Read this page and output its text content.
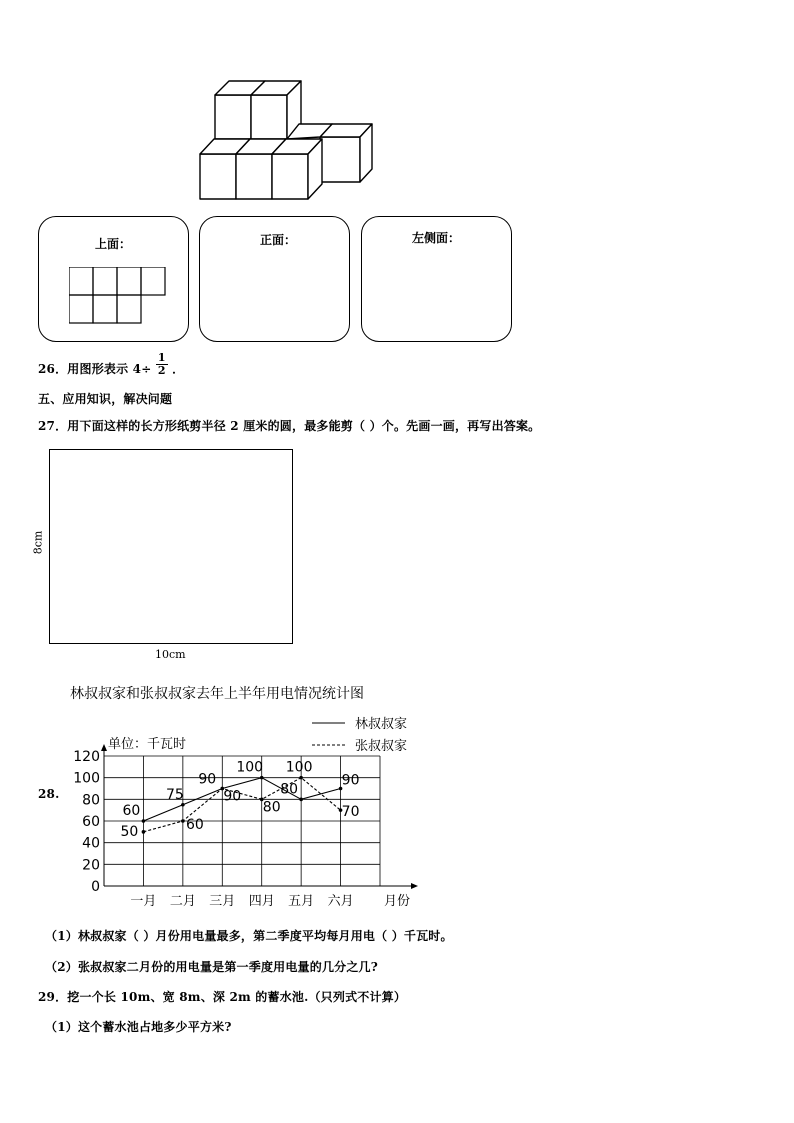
上面：	正面：	左侧面：
26．用图形表示 $4\div \frac{1}{2}$ ．
五、应用知识，解决问题
27．用下面这样的长方形纸剪半径 2 厘米的圆，最多能剪（ ）个。先画一画，再写出答案。
8cm
10cm
28.
林叔叔家和张叔叔家去年上半年用电情况统计图
单位：千瓦时
林叔叔家
张叔叔家
0
20
40
60
80
100
120
一月 二月 三月 四月 五月 六月
60
75
90
100
80
90
50	60
90
80
100
70
月份
（1）林叔叔家（ ）月份用电量最多，第二季度平均每月用电（ ）千瓦时。
（2）张叔叔家二月份的用电量是第一季度用电量的几分之几?
29．挖一个长 10m、宽 8m、深 2m 的蓄水池.（只列式不计算）
（1）这个蓄水池占地多少平方米?
